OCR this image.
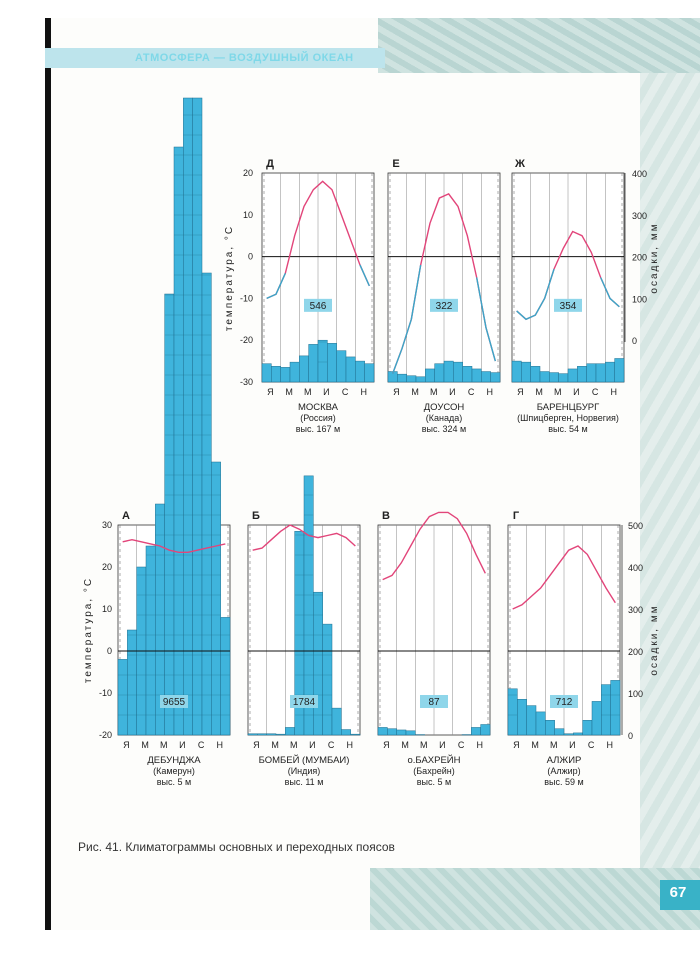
АТМОСФЕРА — ВОЗДУШНЫЙ ОКЕАН
546
Д
Я М М И С Н
МОСКВА
(Россия)
выс. 167 м
322
Е
Я М М И С Н
ДОУСОН
(Канада)
выс. 324 м
354
Ж
Я М М И С Н
БАРЕНЦБУРГ
(Шпицберген, Норвегия)
выс. 54 м
9655
А
Я М М И С Н
ДЕБУНДЖА
(Камерун)
выс. 5 м
1784
Б
Я М М И С Н
БОМБЕЙ (МУМБАИ)
(Индия)
выс. 11 м
87
В
Я М М И С Н
о.БАХРЕЙН
(Бахрейн)
выс. 5 м
712
Г
Я М М И С Н
АЛЖИР
(Алжир)
выс. 59 м
20
10
0
-10
-20
-30
400
300
200
100
0
30
20
10
0
-10
-20
500
400
300
200
100
0
температура, °С
температура, °С
осадки, мм
осадки, мм
Рис. 41. Климатограммы основных и переходных поясов
67
